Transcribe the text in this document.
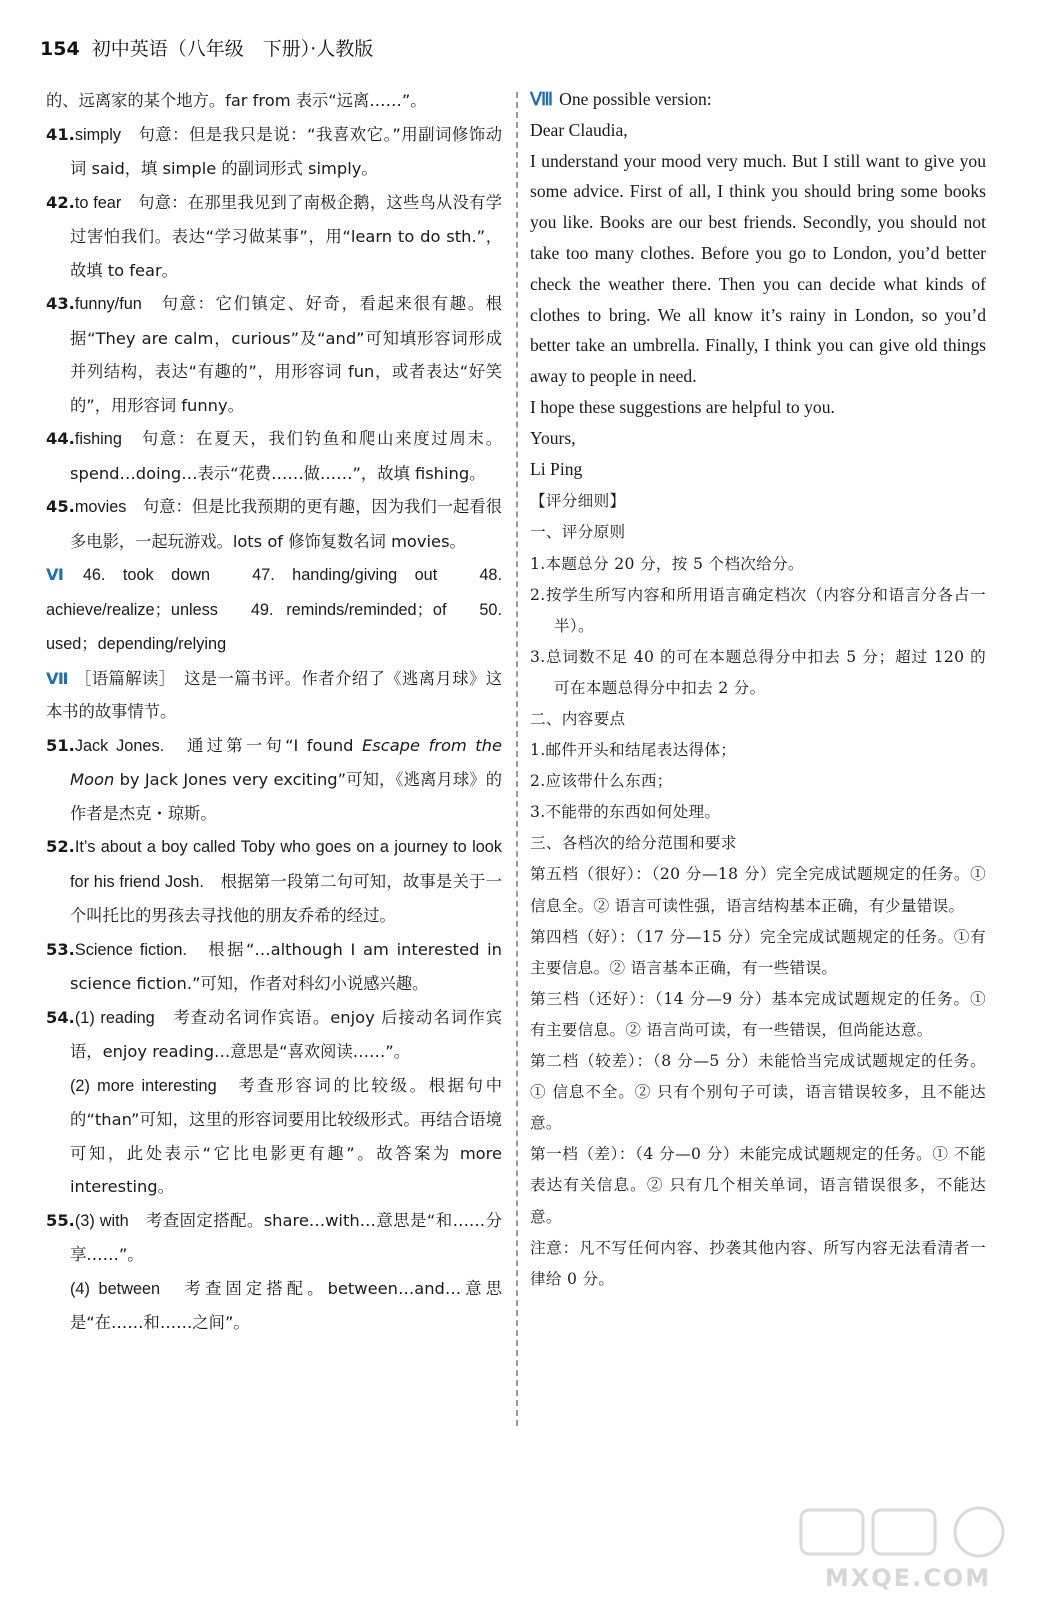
154 初中英语（八年级　下册）·人教版

的、远离家的某个地方。far from 表示“远离……”。

41.simply　句意：但是我只是说：“我喜欢它。”用副词修饰动词 said，填 simple 的副词形式 simply。

42.to fear　句意：在那里我见到了南极企鹅，这些鸟从没有学过害怕我们。表达“学习做某事”，用“learn to do sth.”，故填 to fear。

43.funny/fun　句意：它们镇定、好奇，看起来很有趣。根据“They are calm，curious”及“and”可知填形容词形成并列结构，表达“有趣的”，用形容词 fun，或者表达“好笑的”，用形容词 funny。

44.fishing　句意：在夏天，我们钓鱼和爬山来度过周末。spend…doing…表示“花费……做……”，故填 fishing。

45.movies　句意：但是比我预期的更有趣，因为我们一起看很多电影，一起玩游戏。lots of 修饰复数名词 movies。

Ⅵ 46. took down　47. handing/giving out　48. achieve/realize；unless　49. reminds/reminded；of　50. used；depending/relying

Ⅶ ［语篇解读］　这是一篇书评。作者介绍了《逃离月球》这本书的故事情节。

51.Jack Jones.　通过第一句“I found Escape from the Moon by Jack Jones very exciting”可知，《逃离月球》的作者是杰克・琼斯。

52.It’s about a boy called Toby who goes on a journey to look for his friend Josh.　根据第一段第二句可知，故事是关于一个叫托比的男孩去寻找他的朋友乔希的经过。

53.Science fiction.　根据“…although I am interested in science fiction.”可知，作者对科幻小说感兴趣。

54.(1) reading　考查动名词作宾语。enjoy 后接动名词作宾语，enjoy reading…意思是“喜欢阅读……”。

(2) more interesting　考查形容词的比较级。根据句中的“than”可知，这里的形容词要用比较级形式。再结合语境可知，此处表示“它比电影更有趣”。故答案为 more interesting。

55.(3) with　考查固定搭配。share…with…意思是“和……分享……”。

(4) between　考查固定搭配。between…and…意思是“在……和……之间”。

Ⅷ One possible version:

Dear Claudia,

I understand your mood very much. But I still want to give you some advice. First of all, I think you should bring some books you like. Books are our best friends. Secondly, you should not take too many clothes. Before you go to London, you’d better check the weather there. Then you can decide what kinds of clothes to bring. We all know it’s rainy in London, so you’d better take an umbrella. Finally, I think you can give old things away to people in need.

I hope these suggestions are helpful to you.

Yours,

Li Ping

【评分细则】

一、评分原则

1.本题总分 20 分，按 5 个档次给分。

2.按学生所写内容和所用语言确定档次（内容分和语言分各占一半）。

3.总词数不足 40 的可在本题总得分中扣去 5 分；超过 120 的可在本题总得分中扣去 2 分。

二、内容要点

1.邮件开头和结尾表达得体；

2.应该带什么东西；

3.不能带的东西如何处理。

三、各档次的给分范围和要求

第五档（很好）：（20 分—18 分）完全完成试题规定的任务。①信息全。② 语言可读性强，语言结构基本正确，有少量错误。

第四档（好）：（17 分—15 分）完全完成试题规定的任务。①有主要信息。② 语言基本正确，有一些错误。

第三档（还好）：（14 分—9 分）基本完成试题规定的任务。① 有主要信息。② 语言尚可读，有一些错误，但尚能达意。

第二档（较差）：（8 分—5 分）未能恰当完成试题规定的任务。① 信息不全。② 只有个别句子可读，语言错误较多，且不能达意。

第一档（差）：（4 分—0 分）未能完成试题规定的任务。① 不能表达有关信息。② 只有几个相关单词，语言错误很多，不能达意。

注意：凡不写任何内容、抄袭其他内容、所写内容无法看清者一律给 0 分。

MXQE.COM
